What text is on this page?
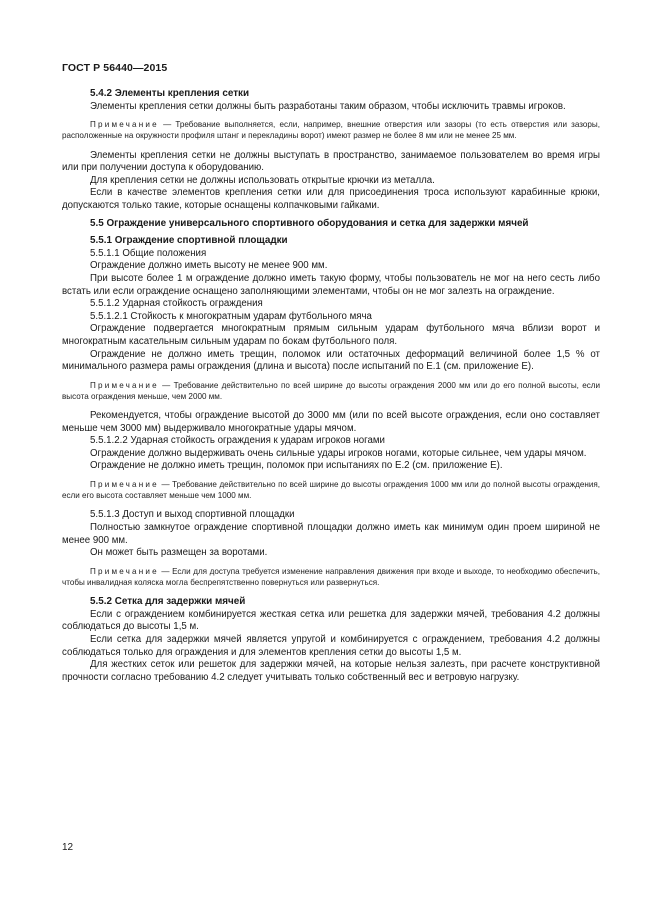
ГОСТ Р 56440—2015

5.4.2 Элементы крепления сетки

Элементы крепления сетки должны быть разработаны таким образом, чтобы исключить травмы игроков.

Примечание — Требование выполняется, если, например, внешние отверстия или зазоры (то есть отверстия или зазоры, расположенные на окружности профиля штанг и перекладины ворот) имеют размер не более 8 мм или не менее 25 мм.

Элементы крепления сетки не должны выступать в пространство, занимаемое пользователем во время игры или при получении доступа к оборудованию.

Для крепления сетки не должны использовать открытые крючки из металла.

Если в качестве элементов крепления сетки или для присоединения троса используют карабинные крюки, допускаются только такие, которые оснащены колпачковыми гайками.

5.5 Ограждение универсального спортивного оборудования и сетка для задержки мячей

5.5.1 Ограждение спортивной площадки

5.5.1.1 Общие положения

Ограждение должно иметь высоту не менее 900 мм.

При высоте более 1 м ограждение должно иметь такую форму, чтобы пользователь не мог на него сесть либо встать или если ограждение оснащено заполняющими элементами, чтобы он не мог залезть на ограждение.

5.5.1.2 Ударная стойкость ограждения

5.5.1.2.1 Стойкость к многократным ударам футбольного мяча

Ограждение подвергается многократным прямым сильным ударам футбольного мяча вблизи ворот и многократным касательным сильным ударам по бокам футбольного поля.

Ограждение не должно иметь трещин, поломок или остаточных деформаций величиной более 1,5 % от минимального размера рамы ограждения (длина и высота) после испытаний по Е.1 (см. приложение Е).

Примечание — Требование действительно по всей ширине до высоты ограждения 2000 мм или до его полной высоты, если высота ограждения меньше, чем 2000 мм.

Рекомендуется, чтобы ограждение высотой до 3000 мм (или по всей высоте ограждения, если оно составляет меньше чем 3000 мм) выдерживало многократные удары мячом.

5.5.1.2.2 Ударная стойкость ограждения к ударам игроков ногами

Ограждение должно выдерживать очень сильные удары игроков ногами, которые сильнее, чем удары мячом.

Ограждение не должно иметь трещин, поломок при испытаниях по Е.2 (см. приложение Е).

Примечание — Требование действительно по всей ширине до высоты ограждения 1000 мм или до полной высоты ограждения, если его высота составляет меньше чем 1000 мм.

5.5.1.3 Доступ и выход спортивной площадки

Полностью замкнутое ограждение спортивной площадки должно иметь как минимум один проем шириной не менее 900 мм.

Он может быть размещен за воротами.

Примечание — Если для доступа требуется изменение направления движения при входе и выходе, то необходимо обеспечить, чтобы инвалидная коляска могла беспрепятственно повернуться или развернуться.

5.5.2 Сетка для задержки мячей

Если с ограждением комбинируется жесткая сетка или решетка для задержки мячей, требования 4.2 должны соблюдаться до высоты 1,5 м.

Если сетка для задержки мячей является упругой и комбинируется с ограждением, требования 4.2 должны соблюдаться только для ограждения и для элементов крепления сетки до высоты 1,5 м.

Для жестких сеток или решеток для задержки мячей, на которые нельзя залезть, при расчете конструктивной прочности согласно требованию 4.2 следует учитывать только собственный вес и ветровую нагрузку.

12
